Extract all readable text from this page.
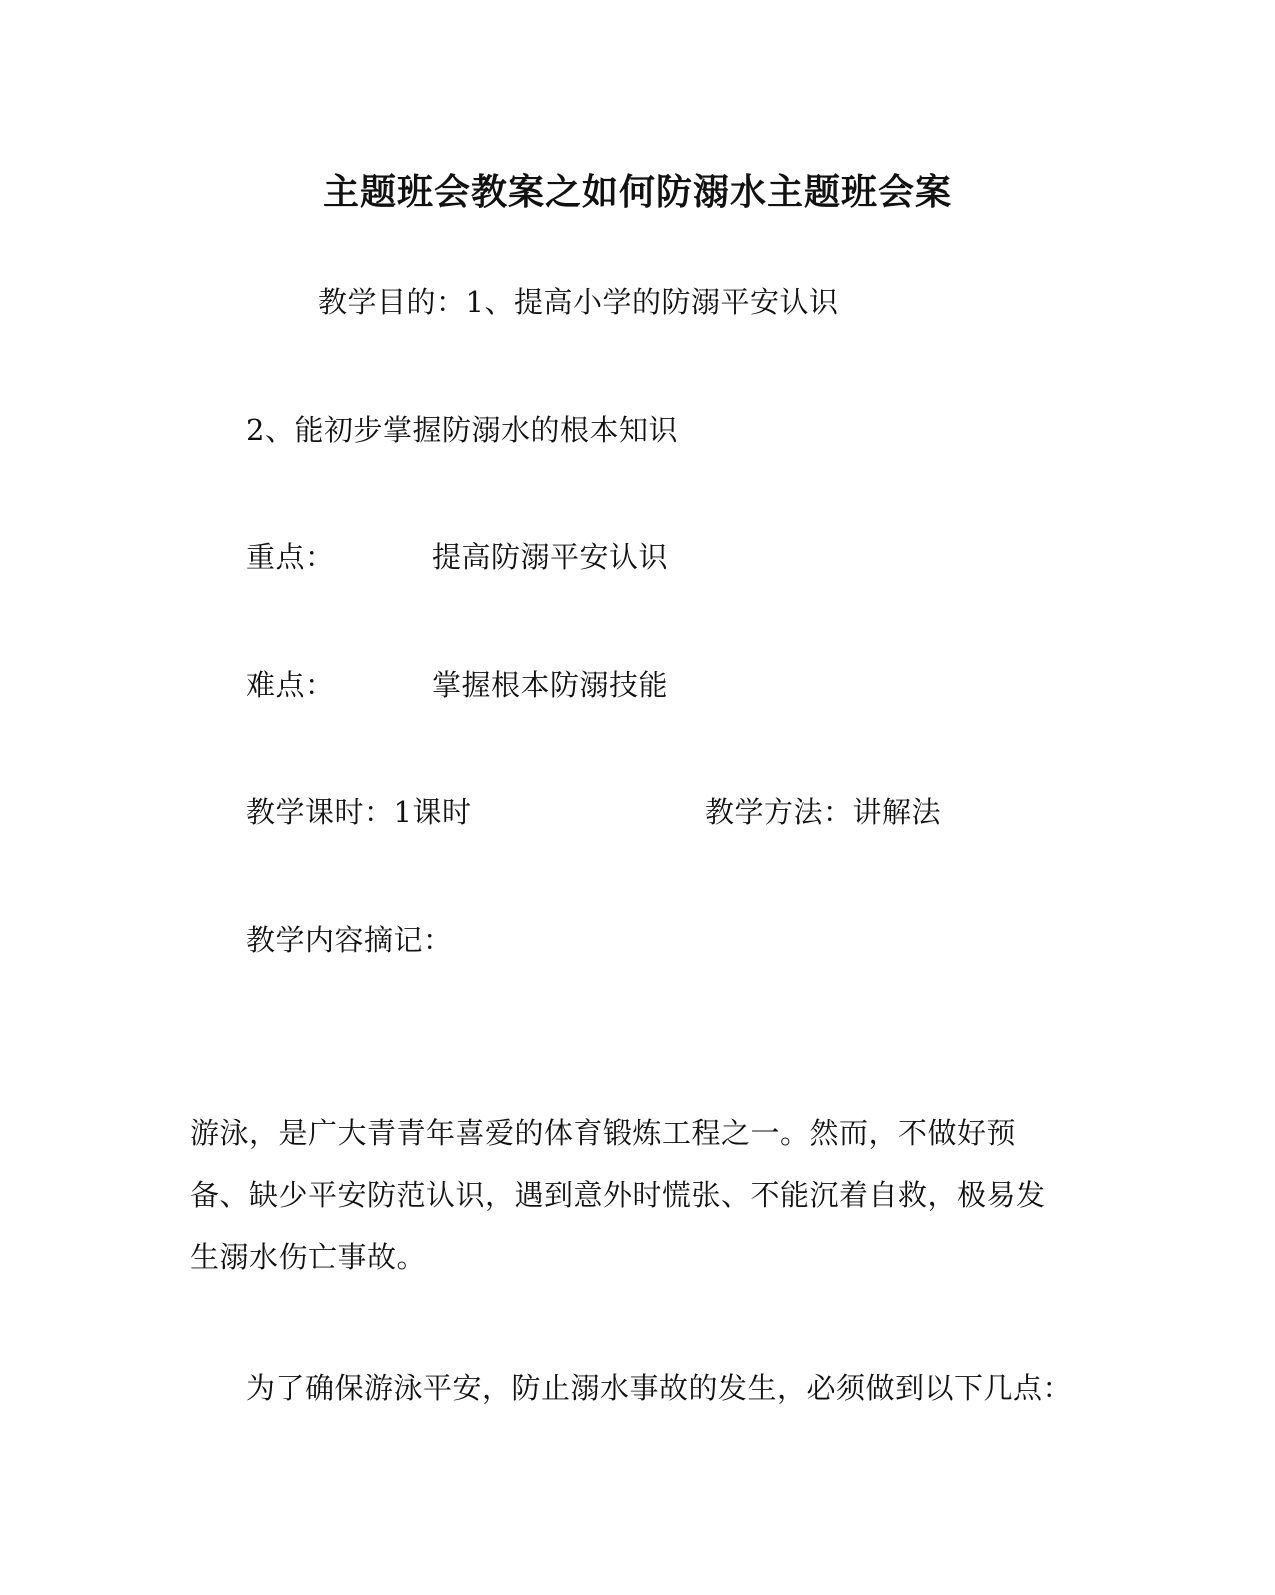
主题班会教案之如何防溺水主题班会案
教学目的：1、提高小学的防溺平安认识
2、能初步掌握防溺水的根本知识
重点：	提高防溺平安认识
难点：	掌握根本防溺技能
教学课时：1课时	教学方法：讲解法
教学内容摘记：
游泳，是广大青青年喜爱的体育锻炼工程之一。然而，不做好预备、缺少平安防范认识，遇到意外时慌张、不能沉着自救，极易发生溺水伤亡事故。
为了确保游泳平安，防止溺水事故的发生，必须做到以下几点：
